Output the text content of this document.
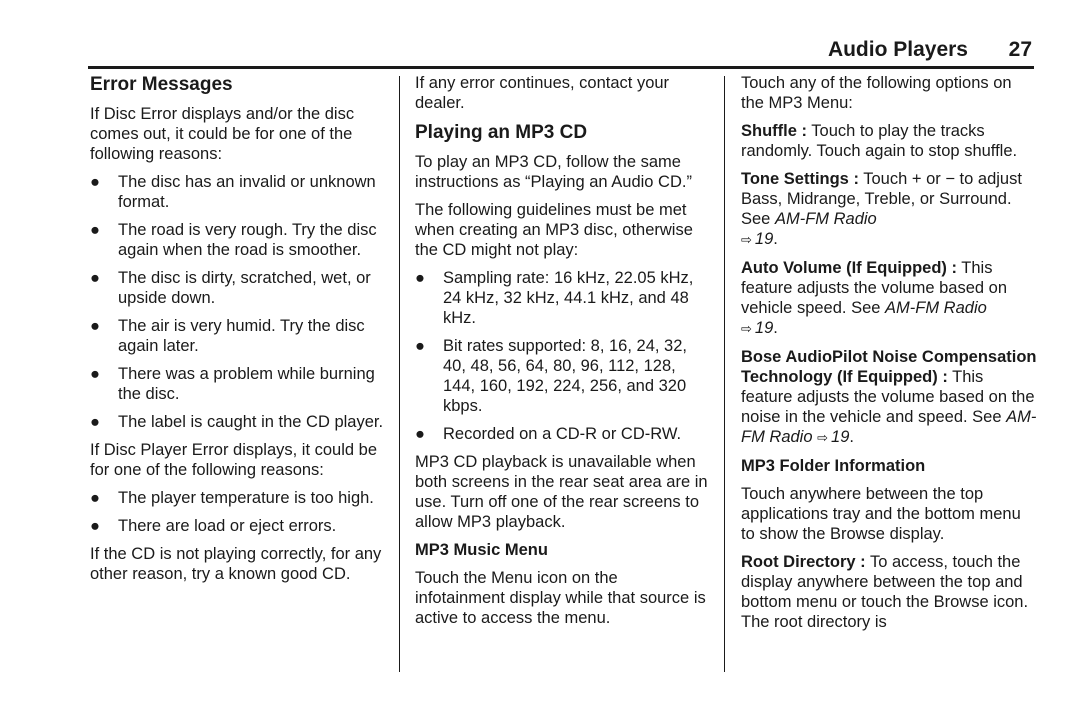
Audio Players 27
Error Messages

If Disc Error displays and/or the disc comes out, it could be for one of the following reasons:

● The disc has an invalid or unknown format.
● The road is very rough. Try the disc again when the road is smoother.
● The disc is dirty, scratched, wet, or upside down.
● The air is very humid. Try the disc again later.
● There was a problem while burning the disc.
● The label is caught in the CD player.

If Disc Player Error displays, it could be for one of the following reasons:

● The player temperature is too high.
● There are load or eject errors.

If the CD is not playing correctly, for any other reason, try a known good CD.

If any error continues, contact your dealer.

Playing an MP3 CD

To play an MP3 CD, follow the same instructions as “Playing an Audio CD.”

The following guidelines must be met when creating an MP3 disc, otherwise the CD might not play:

● Sampling rate: 16 kHz, 22.05 kHz, 24 kHz, 32 kHz, 44.1 kHz, and 48 kHz.
● Bit rates supported: 8, 16, 24, 32, 40, 48, 56, 64, 80, 96, 112, 128, 144, 160, 192, 224, 256, and 320 kbps.
● Recorded on a CD-R or CD-RW.

MP3 CD playback is unavailable when both screens in the rear seat area are in use. Turn off one of the rear screens to allow MP3 playback.

MP3 Music Menu

Touch the Menu icon on the infotainment display while that source is active to access the menu.

Touch any of the following options on the MP3 Menu:

Shuffle : Touch to play the tracks randomly. Touch again to stop shuffle.

Tone Settings : Touch + or − to adjust Bass, Midrange, Treble, or Surround. See AM-FM Radio
⇨ 19.

Auto Volume (If Equipped) : This feature adjusts the volume based on vehicle speed. See AM-FM Radio
⇨ 19.

Bose AudioPilot Noise Compensation Technology (If Equipped) : This feature adjusts the volume based on the noise in the vehicle and speed. See AM-FM Radio ⇨ 19.

MP3 Folder Information

Touch anywhere between the top applications tray and the bottom menu to show the Browse display.

Root Directory : To access, touch the display anywhere between the top and bottom menu or touch the Browse icon. The root directory is
